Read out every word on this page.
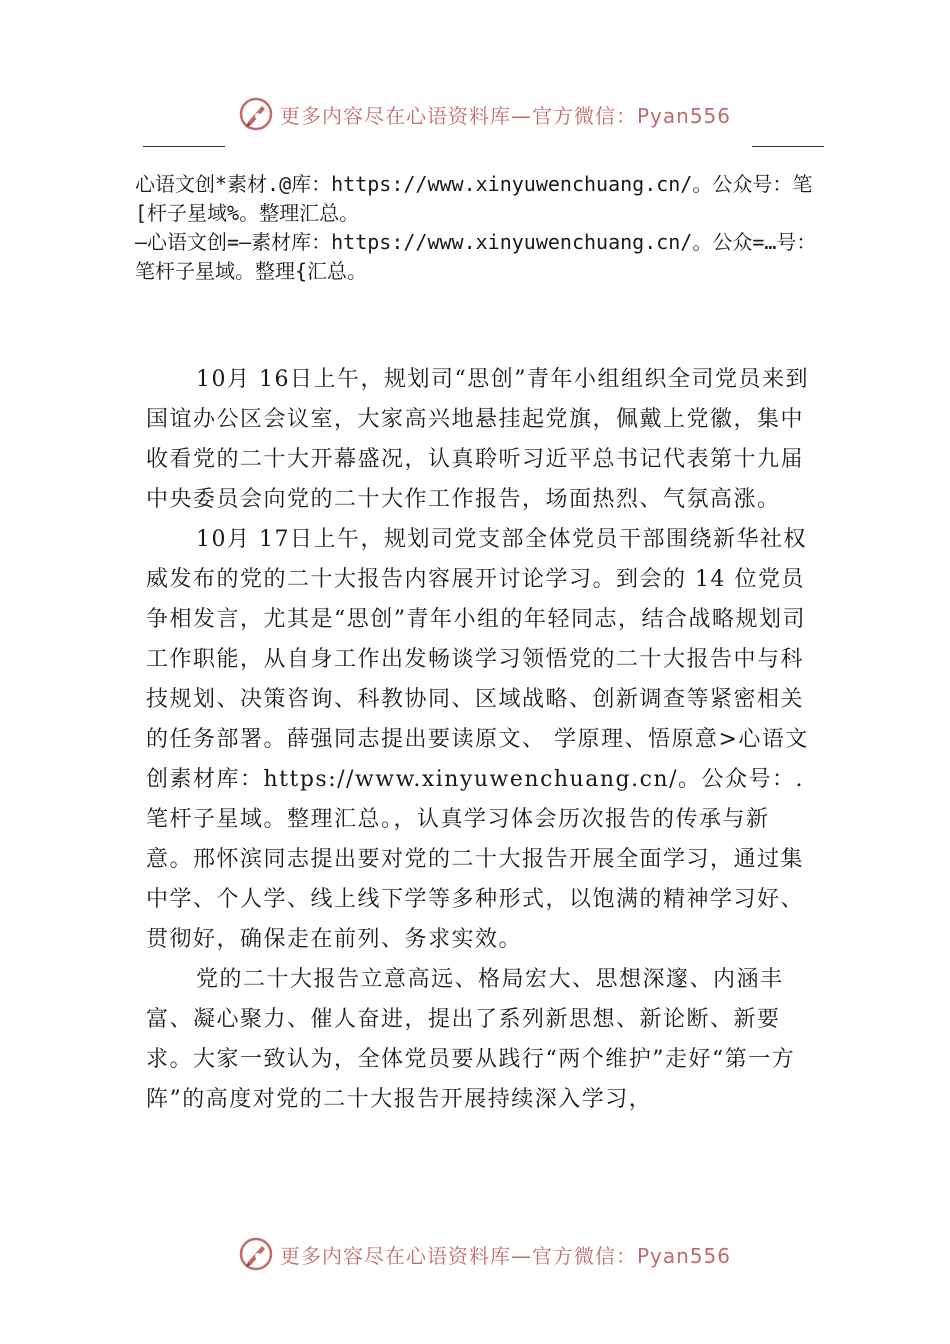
更多内容尽在心语资料库—官方微信：Pyan556

心语文创*素材.@库：https://www.xinyuwenchuang.cn/。公众号：笔[杆子星域%。整理汇总。

—心语文创=—素材库：https://www.xinyuwenchuang.cn/。公众=…号：笔杆子星域。整理{汇总。

10月 16日上午，规划司“思创”青年小组组织全司党员来到国谊办公区会议室，大家高兴地悬挂起党旗，佩戴上党徽，集中收看党的二十大开幕盛况，认真聆听习近平总书记代表第十九届中央委员会向党的二十大作工作报告，场面热烈、气氛高涨。

10月 17日上午，规划司党支部全体党员干部围绕新华社权威发布的党的二十大报告内容展开讨论学习。到会的 14 位党员争相发言，尤其是“思创”青年小组的年轻同志，结合战略规划司工作职能，从自身工作出发畅谈学习领悟党的二十大报告中与科技规划、决策咨询、科教协同、区域战略、创新调查等紧密相关的任务部署。薛强同志提出要读原文、 学原理、悟原意>心语文创素材库：https://www.xinyuwenchuang.cn/。公众号：.笔杆子星域。整理汇总。，认真学习体会历次报告的传承与新意。邢怀滨同志提出要对党的二十大报告开展全面学习，通过集中学、个人学、线上线下学等多种形式，以饱满的精神学习好、贯彻好，确保走在前列、务求实效。

党的二十大报告立意高远、格局宏大、思想深邃、内涵丰富、凝心聚力、催人奋进，提出了系列新思想、新论断、新要求。大家一致认为，全体党员要从践行“两个维护”走好“第一方阵”的高度对党的二十大报告开展持续深入学习，

更多内容尽在心语资料库—官方微信：Pyan556
